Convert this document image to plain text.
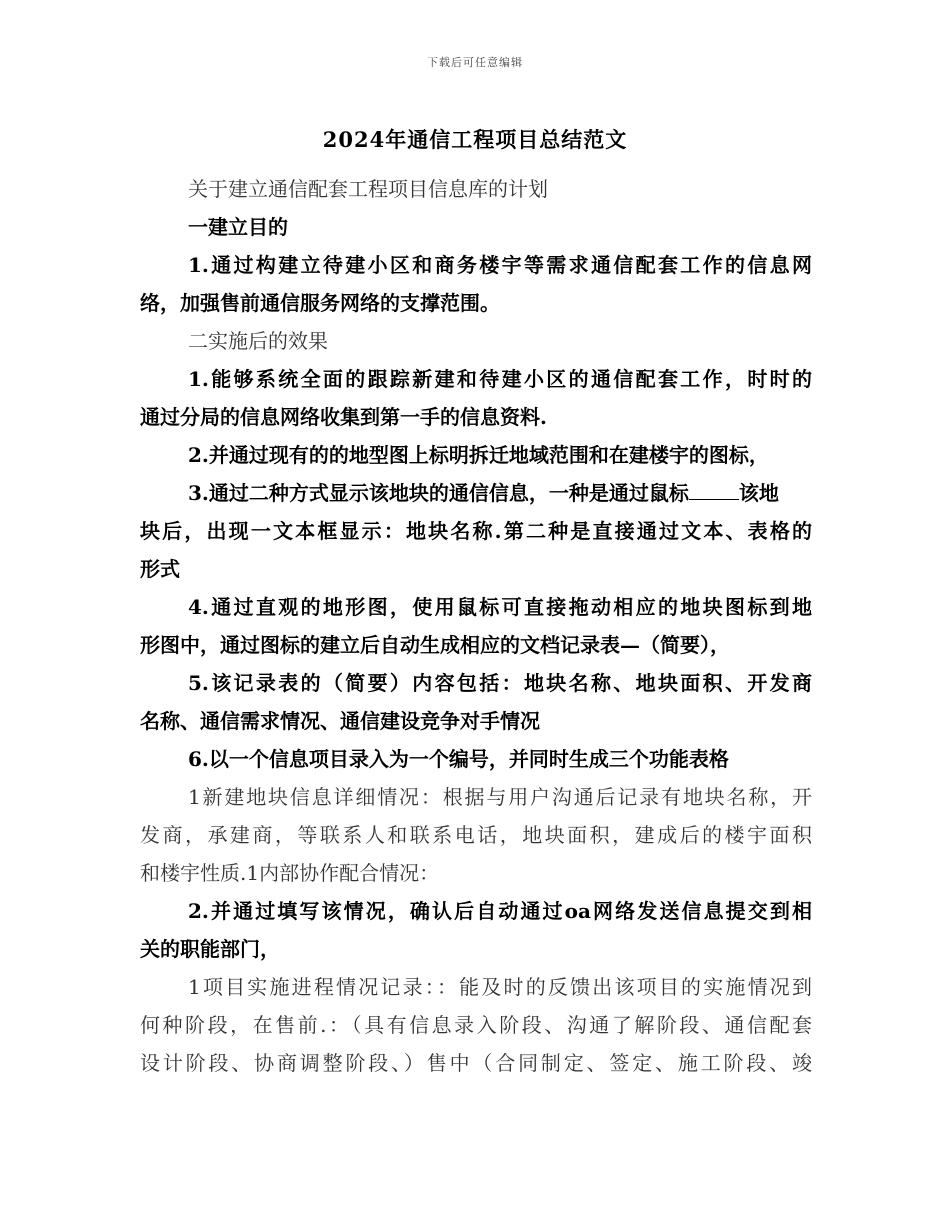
下载后可任意编辑
2024年通信工程项目总结范文
关于建立通信配套工程项目信息库的计划
一建立目的
1.通过构建立待建小区和商务楼宇等需求通信配套工作的信息网
络，加强售前通信服务网络的支撑范围。
二实施后的效果
1.能够系统全面的跟踪新建和待建小区的通信配套工作，时时的
通过分局的信息网络收集到第一手的信息资料.
2.并通过现有的的地型图上标明拆迁地域范围和在建楼宇的图标，
3.通过二种方式显示该地块的通信信息，一种是通过鼠标	该地
块后，出现一文本框显示：地块名称.第二种是直接通过文本、表格的
形式
4.通过直观的地形图，使用鼠标可直接拖动相应的地块图标到地
形图中，通过图标的建立后自动生成相应的文档记录表—（简要），
5.该记录表的（简要）内容包括：地块名称、地块面积、开发商
名称、通信需求情况、通信建设竞争对手情况
6.以一个信息项目录入为一个编号，并同时生成三个功能表格
1新建地块信息详细情况：根据与用户沟通后记录有地块名称，开
发商，承建商，等联系人和联系电话，地块面积，建成后的楼宇面积
和楼宇性质.1内部协作配合情况：
2.并通过填写该情况，确认后自动通过oa网络发送信息提交到相
关的职能部门，
1项目实施进程情况记录：：能及时的反馈出该项目的实施情况到
何种阶段，在售前.：（具有信息录入阶段、沟通了解阶段、通信配套
设计阶段、协商调整阶段、）售中（合同制定、签定、施工阶段、竣
